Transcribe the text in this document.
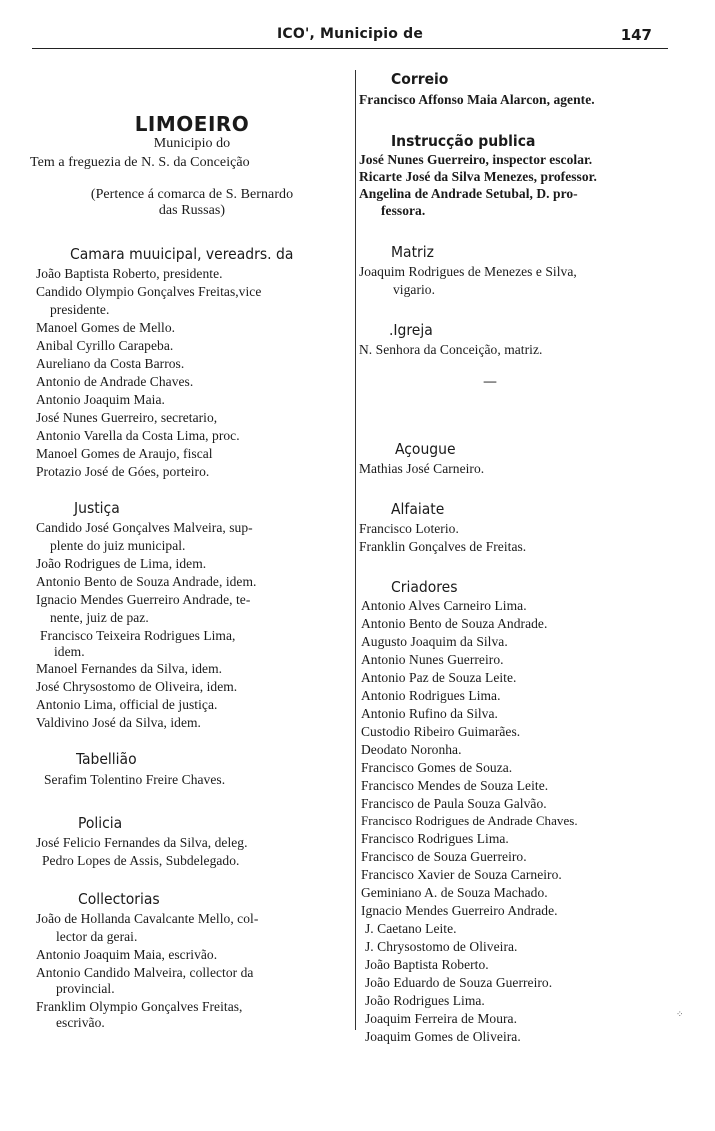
ICO', Municipio de	147
LIMOEIRO
Municipio do
Tem a freguezia de N. S. da Conceição
(Pertence á comarca de S. Bernardo
das Russas)
Camara muuicipal, vereadrs. da
João Baptista Roberto, presidente.
Candido Olympio Gonçalves Freitas,vice
presidente.
Manoel Gomes de Mello.
Anibal Cyrillo Carapeba.
Aureliano da Costa Barros.
Antonio de Andrade Chaves.
Antonio Joaquim Maia.
José Nunes Guerreiro, secretario,
Antonio Varella da Costa Lima, proc.
Manoel Gomes de Araujo, fiscal
Protazio José de Góes, porteiro.
Justiça
Candido José Gonçalves Malveira, sup-
plente do juiz municipal.
João Rodrigues de Lima, idem.
Antonio Bento de Souza Andrade, idem.
Ignacio Mendes Guerreiro Andrade, te-
nente, juiz de paz.
Francisco Teixeira Rodrigues Lima,
idem.
Manoel Fernandes da Silva, idem.
José Chrysostomo de Oliveira, idem.
Antonio Lima, official de justiça.
Valdivino José da Silva, idem.
Tabellião
Serafim Tolentino Freire Chaves.
Policia
José Felicio Fernandes da Silva, deleg.
Pedro Lopes de Assis, Subdelegado.
Collectorias
João de Hollanda Cavalcante Mello, col-
lector da gerai.
Antonio Joaquim Maia, escrivão.
Antonio Candido Malveira, collector da
provincial.
Franklim Olympio Gonçalves Freitas,
escrivão.
Correio
Francisco Affonso Maia Alarcon, agente.
Instrucção publica
José Nunes Guerreiro, inspector escolar.
Ricarte José da Silva Menezes, professor.
Angelina de Andrade Setubal, D. pro-
fessora.
Matriz
Joaquim Rodrigues de Menezes e Silva,
vigario.
.Igreja
N. Senhora da Conceição, matriz.
—
Açougue
Mathias José Carneiro.
Alfaiate
Francisco Loterio.
Franklin Gonçalves de Freitas.
Criadores
Antonio Alves Carneiro Lima.
Antonio Bento de Souza Andrade.
Augusto Joaquim da Silva.
Antonio Nunes Guerreiro.
Antonio Paz de Souza Leite.
Antonio Rodrigues Lima.
Antonio Rufino da Silva.
Custodio Ribeiro Guimarães.
Deodato Noronha.
Francisco Gomes de Souza.
Francisco Mendes de Souza Leite.
Francisco de Paula Souza Galvão.
Francisco Rodrigues de Andrade Chaves.
Francisco Rodrigues Lima.
Francisco de Souza Guerreiro.
Francisco Xavier de Souza Carneiro.
Geminiano A. de Souza Machado.
Ignacio Mendes Guerreiro Andrade.
J. Caetano Leite.
J. Chrysostomo de Oliveira.
João Baptista Roberto.
João Eduardo de Souza Guerreiro.
João Rodrigues Lima.
Joaquim Ferreira de Moura.
Joaquim Gomes de Oliveira.
⁘
